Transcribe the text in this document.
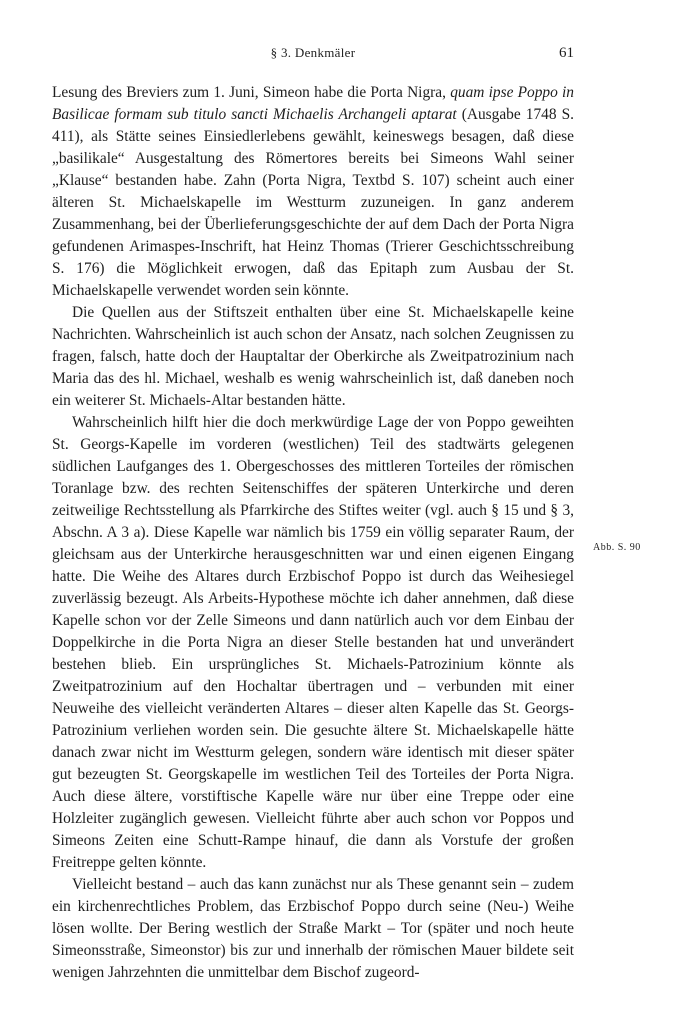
§ 3. Denkmäler	61
Abb. S. 90

Lesung des Breviers zum 1. Juni, Simeon habe die Porta Nigra, quam ipse Poppo in Basilicae formam sub titulo sancti Michaelis Archangeli aptarat (Ausgabe 1748 S. 411), als Stätte seines Einsiedlerlebens gewählt, keineswegs besagen, daß diese „basilikale“ Ausgestaltung des Römertores bereits bei Simeons Wahl seiner „Klause“ bestanden habe. Zahn (Porta Nigra, Textbd S. 107) scheint auch einer älteren St. Michaelskapelle im Westturm zuzuneigen. In ganz anderem Zusammenhang, bei der Überlieferungsgeschichte der auf dem Dach der Porta Nigra gefundenen Arimaspes-Inschrift, hat Heinz Thomas (Trierer Geschichtsschreibung S. 176) die Möglichkeit erwogen, daß das Epitaph zum Ausbau der St. Michaelskapelle verwendet worden sein könnte.

Die Quellen aus der Stiftszeit enthalten über eine St. Michaelskapelle keine Nachrichten. Wahrscheinlich ist auch schon der Ansatz, nach solchen Zeugnissen zu fragen, falsch, hatte doch der Hauptaltar der Oberkirche als Zweitpatrozinium nach Maria das des hl. Michael, weshalb es wenig wahrscheinlich ist, daß daneben noch ein weiterer St. Michaels-Altar bestanden hätte.

Wahrscheinlich hilft hier die doch merkwürdige Lage der von Poppo geweihten St. Georgs-Kapelle im vorderen (westlichen) Teil des stadtwärts gelegenen südlichen Laufganges des 1. Obergeschosses des mittleren Torteiles der römischen Toranlage bzw. des rechten Seitenschiffes der späteren Unterkirche und deren zeitweilige Rechtsstellung als Pfarrkirche des Stiftes weiter (vgl. auch § 15 und § 3, Abschn. A 3 a). Diese Kapelle war nämlich bis 1759 ein völlig separater Raum, der gleichsam aus der Unterkirche herausgeschnitten war und einen eigenen Eingang hatte. Die Weihe des Altares durch Erzbischof Poppo ist durch das Weihesiegel zuverlässig bezeugt. Als Arbeits-Hypothese möchte ich daher annehmen, daß diese Kapelle schon vor der Zelle Simeons und dann natürlich auch vor dem Einbau der Doppelkirche in die Porta Nigra an dieser Stelle bestanden hat und unverändert bestehen blieb. Ein ursprüngliches St. Michaels-Patrozinium könnte als Zweitpatrozinium auf den Hochaltar übertragen und – verbunden mit einer Neuweihe des vielleicht veränderten Altares – dieser alten Kapelle das St. Georgs-Patrozinium verliehen worden sein. Die gesuchte ältere St. Michaelskapelle hätte danach zwar nicht im Westturm gelegen, sondern wäre identisch mit dieser später gut bezeugten St. Georgskapelle im westlichen Teil des Torteiles der Porta Nigra. Auch diese ältere, vorstiftische Kapelle wäre nur über eine Treppe oder eine Holzleiter zugänglich gewesen. Vielleicht führte aber auch schon vor Poppos und Simeons Zeiten eine Schutt-Rampe hinauf, die dann als Vorstufe der großen Freitreppe gelten könnte.

Vielleicht bestand – auch das kann zunächst nur als These genannt sein – zudem ein kirchenrechtliches Problem, das Erzbischof Poppo durch seine (Neu-) Weihe lösen wollte. Der Bering westlich der Straße Markt – Tor (später und noch heute Simeonsstraße, Simeonstor) bis zur und innerhalb der römischen Mauer bildete seit wenigen Jahrzehnten die unmittelbar dem Bischof zugeord-
